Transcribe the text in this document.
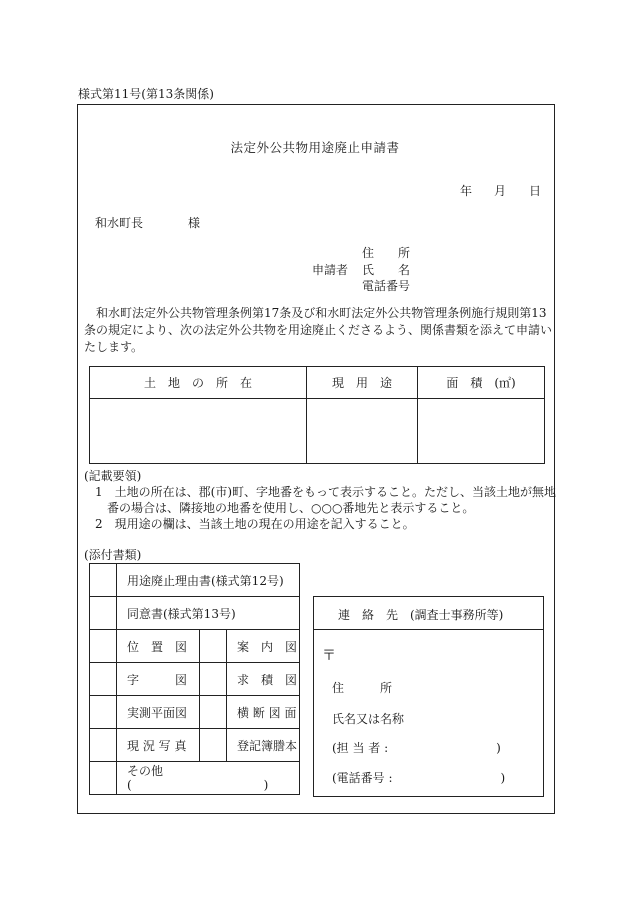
様式第11号(第13条関係)
法定外公共物用途廃止申請書
年 月 日
和水町長	様
住　　所
申請者 氏　　名
電話番号
和水町法定外公共物管理条例第17条及び和水町法定外公共物管理条例施行規則第13条の規定により、次の法定外公共物を用途廃止くださるよう、関係書類を添えて申請いたします。
土　地　の　所　在	現　用　途	面　積　(㎡)

(記載要領)
1　土地の所在は、郡(市)町、字地番をもって表示すること。ただし、当該土地が無地
番の場合は、隣接地の地番を使用し、○○○番地先と表示すること。
2　現用途の欄は、当該土地の現在の用途を記入すること。
(添付書類)
	用途廃止理由書(様式第12号)		
	同意書(様式第13号)		
	位　置　図		案　内　図
	字　　　図		求　積　図
	実測平面図		横 断 図 面
	現 況 写 真		登記簿謄本

	その他
(　　　　　　　　　　　)		
連　絡　先　(調査士事務所等)
〒
住　　　所
氏名又は名称
(担 当 者 :　　　　　　　　　)
(電話番号 :　　　　　　　　　)
